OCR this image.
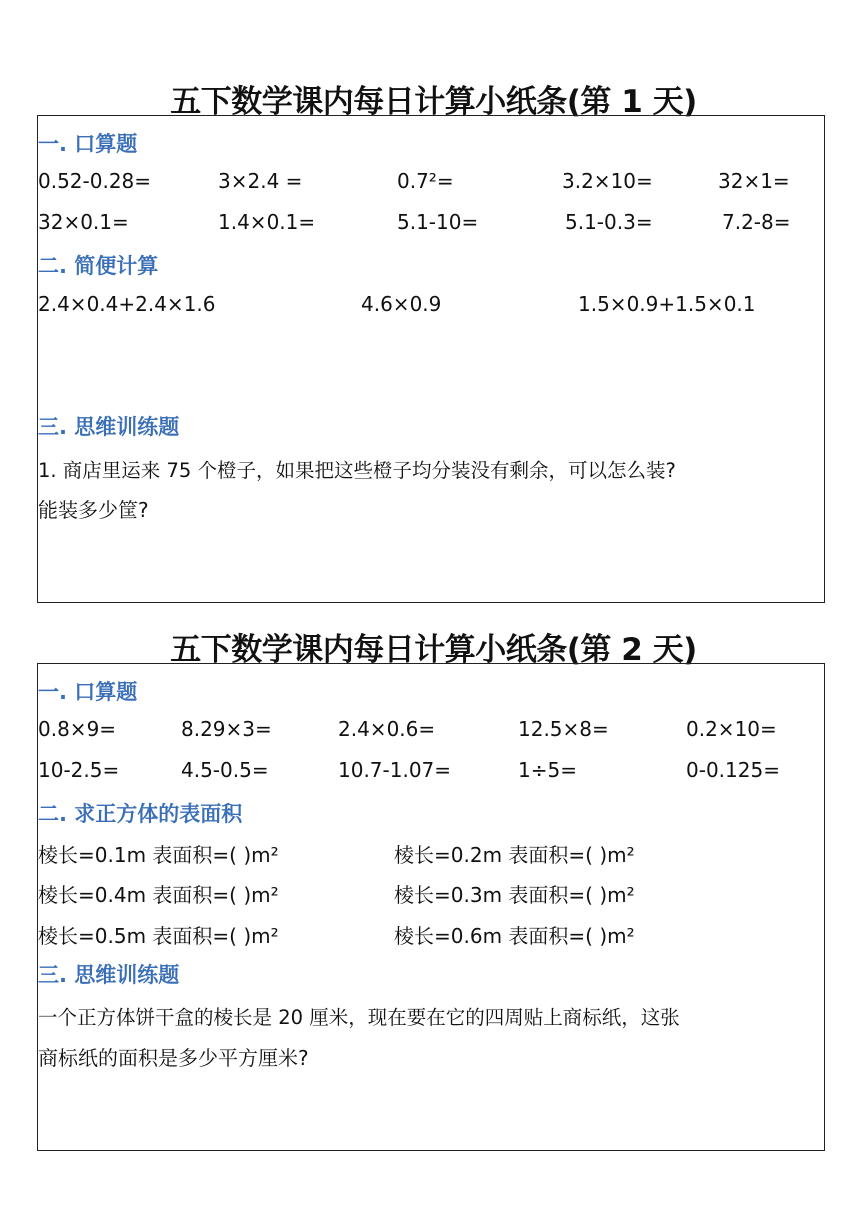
五下数学课内每日计算小纸条(第 1 天)
一. 口算题
0.52-0.28=	3×2.4 =	0.7²=	3.2×10=	32×1=
32×0.1=	1.4×0.1=	5.1-10=	5.1-0.3=	7.2-8=
二. 简便计算
2.4×0.4+2.4×1.6	4.6×0.9	1.5×0.9+1.5×0.1
三. 思维训练题
1. 商店里运来 75 个橙子，如果把这些橙子均分装没有剩余，可以怎么装?
能装多少筐?
五下数学课内每日计算小纸条(第 2 天)
一. 口算题
0.8×9=	8.29×3=	2.4×0.6=	12.5×8=	0.2×10=
10-2.5=	4.5-0.5=	10.7-1.07=	1÷5=	0-0.125=
二. 求正方体的表面积
棱长=0.1m 表面积=( )m²	棱长=0.2m 表面积=( )m²
棱长=0.4m 表面积=( )m²	棱长=0.3m 表面积=( )m²
棱长=0.5m 表面积=( )m²	棱长=0.6m 表面积=( )m²
三. 思维训练题
一个正方体饼干盒的棱长是 20 厘米，现在要在它的四周贴上商标纸，这张
商标纸的面积是多少平方厘米?
